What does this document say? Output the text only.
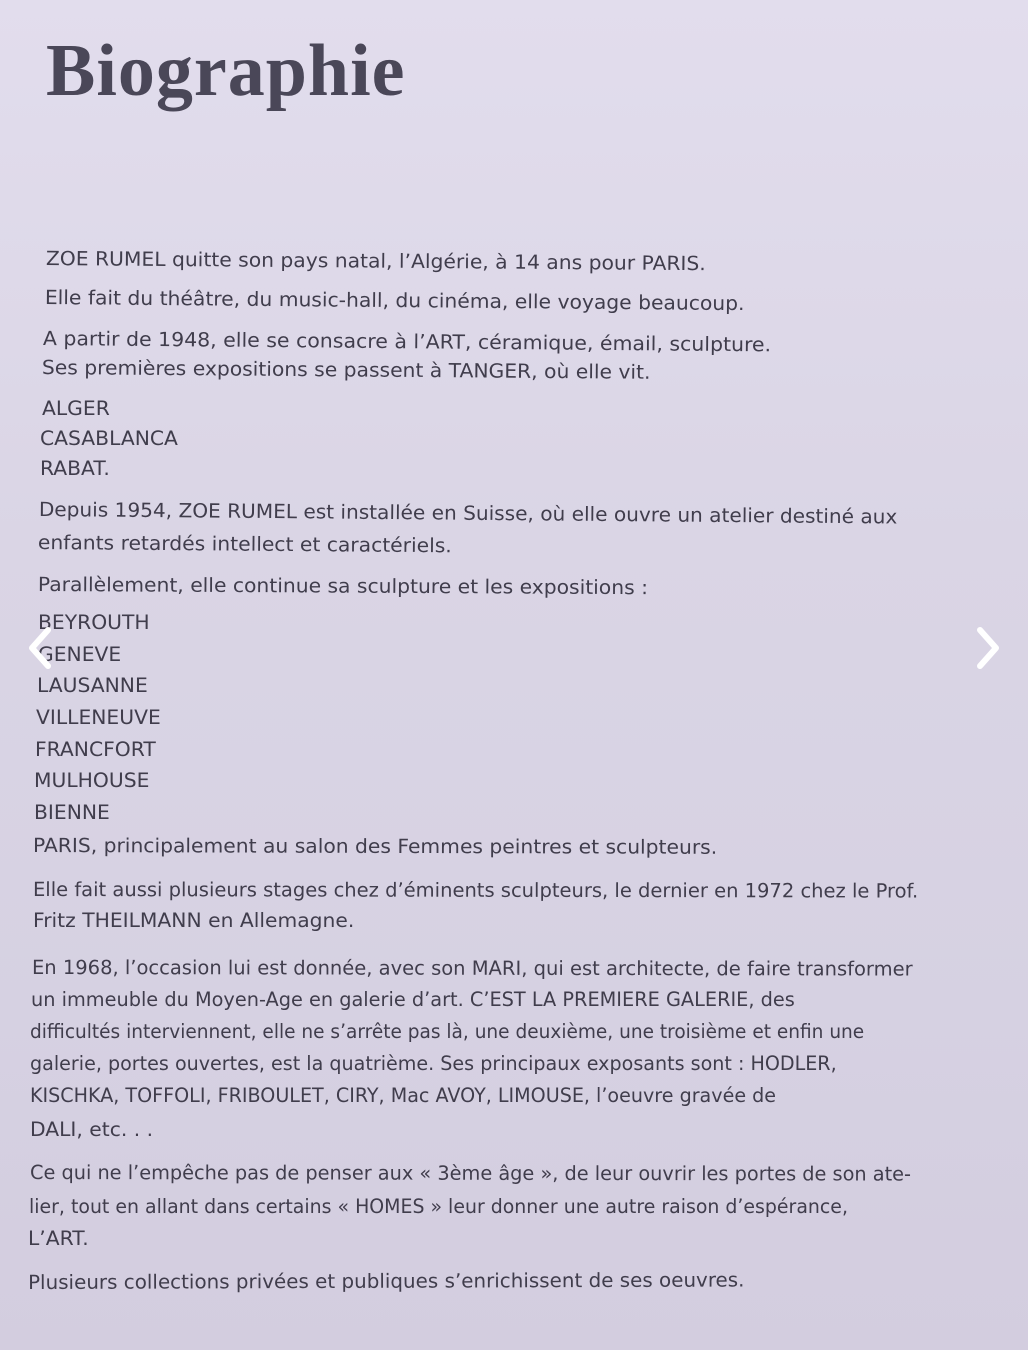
Biographie
ZOE RUMEL quitte son pays natal, l’Algérie, à 14 ans pour PARIS.
Elle fait du théâtre, du music-hall, du cinéma, elle voyage beaucoup.
A partir de 1948, elle se consacre à l’ART, céramique, émail, sculpture.
Ses premières expositions se passent à TANGER, où elle vit.
ALGER
CASABLANCA
RABAT.
Depuis 1954, ZOE RUMEL est installée en Suisse, où elle ouvre un atelier destiné aux
enfants retardés intellect et caractériels.
Parallèlement, elle continue sa sculpture et les expositions :
BEYROUTH
GENEVE
LAUSANNE
VILLENEUVE
FRANCFORT
MULHOUSE
BIENNE
PARIS, principalement au salon des Femmes peintres et sculpteurs.
Elle fait aussi plusieurs stages chez d’éminents sculpteurs, le dernier en 1972 chez le Prof.
Fritz THEILMANN en Allemagne.
En 1968, l’occasion lui est donnée, avec son MARI, qui est architecte, de faire transformer
un immeuble du Moyen-Age en galerie d’art. C’EST LA PREMIERE GALERIE, des
difficultés interviennent, elle ne s’arrête pas là, une deuxième, une troisième et enfin une
galerie, portes ouvertes, est la quatrième. Ses principaux exposants sont : HODLER,
KISCHKA, TOFFOLI, FRIBOULET, CIRY, Mac AVOY, LIMOUSE, l’oeuvre gravée de
DALI, etc. . .
Ce qui ne l’empêche pas de penser aux « 3ème âge », de leur ouvrir les portes de son ate-
lier, tout en allant dans certains « HOMES » leur donner une autre raison d’espérance,
L’ART.
Plusieurs collections privées et publiques s’enrichissent de ses oeuvres.
